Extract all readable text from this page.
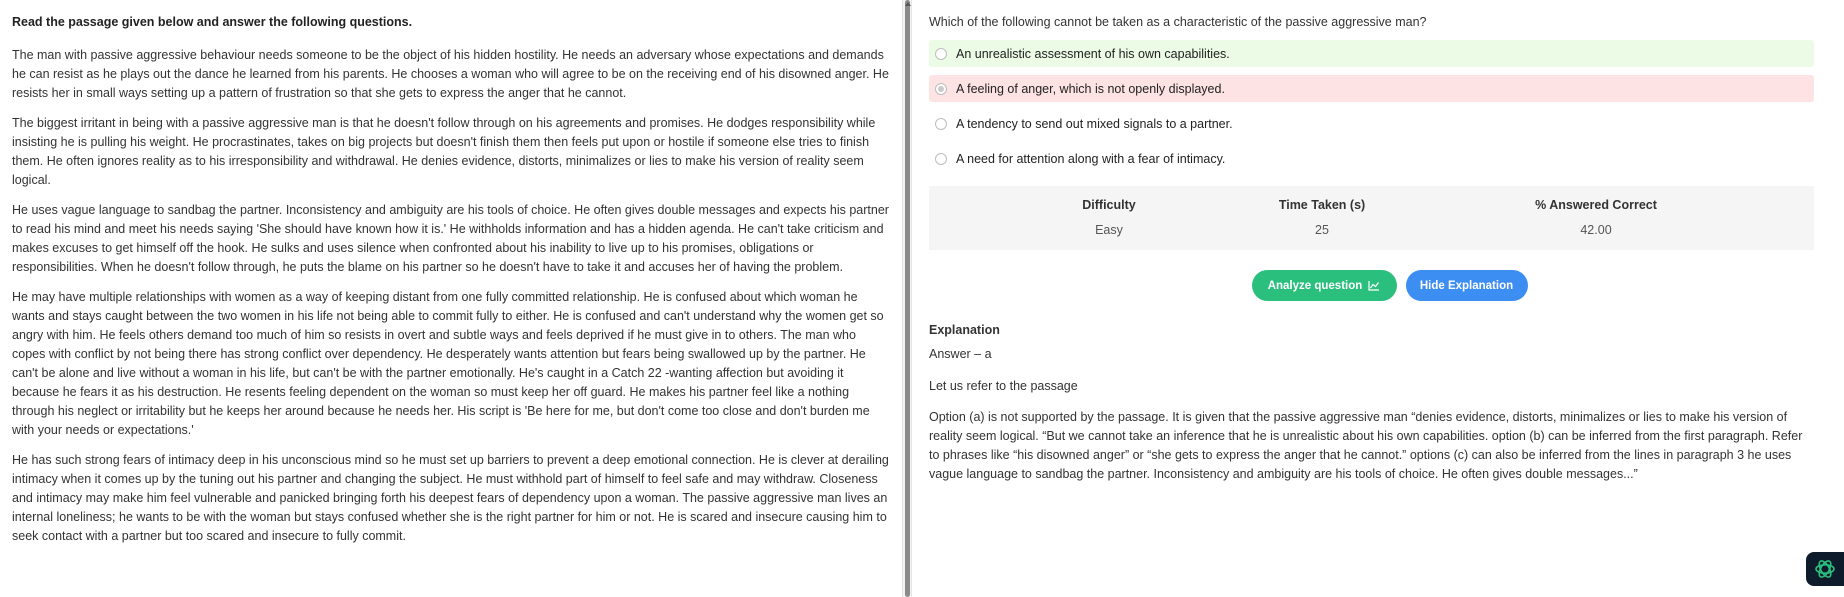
Read the passage given below and answer the following questions.

The man with passive aggressive behaviour needs someone to be the object of his hidden hostility. He needs an adversary whose expectations and demands he can resist as he plays out the dance he learned from his parents. He chooses a woman who will agree to be on the receiving end of his disowned anger. He resists her in small ways setting up a pattern of frustration so that she gets to express the anger that he cannot.

The biggest irritant in being with a passive aggressive man is that he doesn't follow through on his agreements and promises. He dodges responsibility while insisting he is pulling his weight. He procrastinates, takes on big projects but doesn't finish them then feels put upon or hostile if someone else tries to finish them. He often ignores reality as to his irresponsibility and withdrawal. He denies evidence, distorts, minimalizes or lies to make his version of reality seem logical.

He uses vague language to sandbag the partner. Inconsistency and ambiguity are his tools of choice. He often gives double messages and expects his partner to read his mind and meet his needs saying 'She should have known how it is.' He withholds information and has a hidden agenda. He can't take criticism and makes excuses to get himself off the hook. He sulks and uses silence when confronted about his inability to live up to his promises, obligations or responsibilities. When he doesn't follow through, he puts the blame on his partner so he doesn't have to take it and accuses her of having the problem.

He may have multiple relationships with women as a way of keeping distant from one fully committed relationship. He is confused about which woman he wants and stays caught between the two women in his life not being able to commit fully to either. He is confused and can't understand why the women get so angry with him. He feels others demand too much of him so resists in overt and subtle ways and feels deprived if he must give in to others. The man who copes with conflict by not being there has strong conflict over dependency. He desperately wants attention but fears being swallowed up by the partner. He can't be alone and live without a woman in his life, but can't be with the partner emotionally. He's caught in a Catch 22 -wanting affection but avoiding it because he fears it as his destruction. He resents feeling dependent on the woman so must keep her off guard. He makes his partner feel like a nothing through his neglect or irritability but he keeps her around because he needs her. His script is 'Be here for me, but don't come too close and don't burden me with your needs or expectations.'

He has such strong fears of intimacy deep in his unconscious mind so he must set up barriers to prevent a deep emotional connection. He is clever at derailing intimacy when it comes up by the tuning out his partner and changing the subject. He must withhold part of himself to feel safe and may withdraw. Closeness and intimacy may make him feel vulnerable and panicked bringing forth his deepest fears of dependency upon a woman. The passive aggressive man lives an internal loneliness; he wants to be with the woman but stays confused whether she is the right partner for him or not. He is scared and insecure causing him to seek contact with a partner but too scared and insecure to fully commit.

Which of the following cannot be taken as a characteristic of the passive aggressive man?
An unrealistic assessment of his own capabilities.
A feeling of anger, which is not openly displayed.
A tendency to send out mixed signals to a partner.
A need for attention along with a fear of intimacy.
Difficulty
Easy
Time Taken (s)
25
% Answered Correct
42.00
Analyze question	Hide Explanation
Explanation
Answer – a
Let us refer to the passage
Option (a) is not supported by the passage. It is given that the passive aggressive man “denies evidence, distorts, minimalizes or lies to make his version of reality seem logical. “But we cannot take an inference that he is unrealistic about his own capabilities. option (b) can be inferred from the first paragraph. Refer to phrases like “his disowned anger” or “she gets to express the anger that he cannot.” options (c) can also be inferred from the lines in paragraph 3 he uses vague language to sandbag the partner. Inconsistency and ambiguity are his tools of choice. He often gives double messages...”
